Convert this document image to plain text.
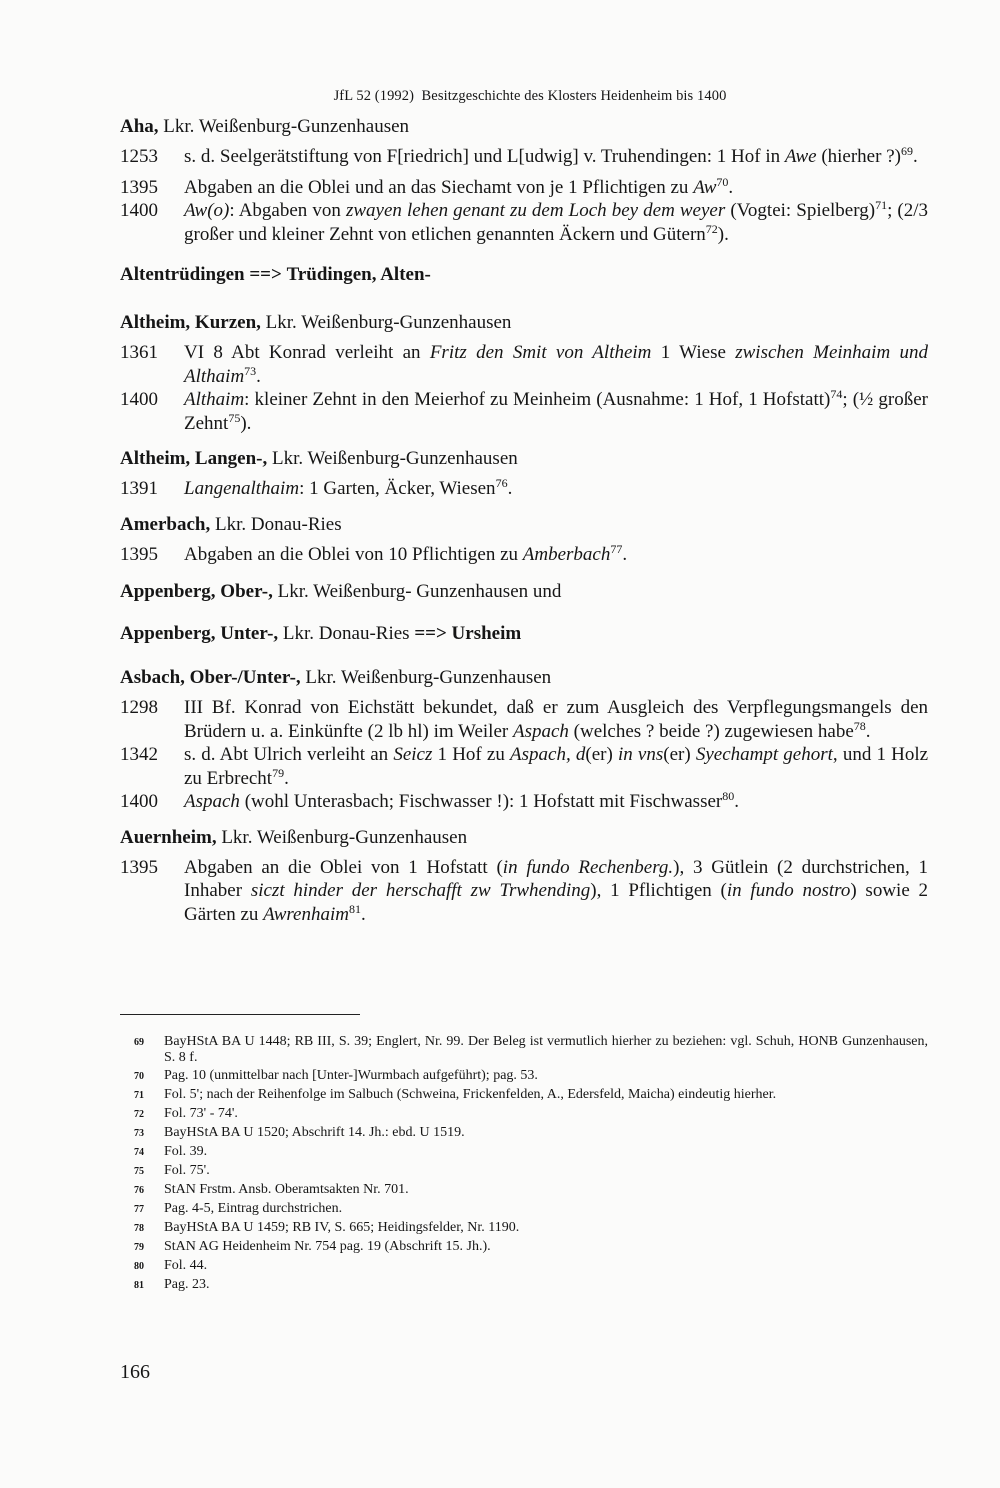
JfL 52 (1992) Besitzgeschichte des Klosters Heidenheim bis 1400
Aha, Lkr. Weißenburg-Gunzenhausen
1253	s. d. Seelgerätstiftung von F[riedrich] und L[udwig] v. Truhendingen: 1 Hof in Awe (hierher ?)$^{69}$.
1395	Abgaben an die Oblei und an das Siechamt von je 1 Pflichtigen zu Aw$^{70}$.
1400	Aw(o): Abgaben von zwayen lehen genant zu dem Loch bey dem weyer (Vogtei: Spielberg)$^{71}$; (2/3 großer und kleiner Zehnt von etlichen genannten Äckern und Gütern$^{72}$).
Altentrüdingen ==> Trüdingen, Alten-
Altheim, Kurzen, Lkr. Weißenburg-Gunzenhausen
1361	VI 8 Abt Konrad verleiht an Fritz den Smit von Altheim 1 Wiese zwischen Meinhaim und Althaim$^{73}$.
1400	Althaim: kleiner Zehnt in den Meierhof zu Meinheim (Ausnahme: 1 Hof, 1 Hofstatt)$^{74}$; (½ großer Zehnt$^{75}$).
Altheim, Langen-, Lkr. Weißenburg-Gunzenhausen
1391	Langenalthaim: 1 Garten, Äcker, Wiesen$^{76}$.
Amerbach, Lkr. Donau-Ries
1395	Abgaben an die Oblei von 10 Pflichtigen zu Amberbach$^{77}$.
Appenberg, Ober-, Lkr. Weißenburg- Gunzenhausen und
Appenberg, Unter-, Lkr. Donau-Ries ==> Ursheim
Asbach, Ober-/Unter-, Lkr. Weißenburg-Gunzenhausen
1298	III Bf. Konrad von Eichstätt bekundet, daß er zum Ausgleich des Verpflegungsmangels den Brüdern u. a. Einkünfte (2 lb hl) im Weiler Aspach (welches ? beide ?) zugewiesen habe$^{78}$.
1342	s. d. Abt Ulrich verleiht an Seicz 1 Hof zu Aspach, d(er) in vns(er) Syechampt gehort, und 1 Holz zu Erbrecht$^{79}$.
1400	Aspach (wohl Unterasbach; Fischwasser !): 1 Hofstatt mit Fischwasser$^{80}$.
Auernheim, Lkr. Weißenburg-Gunzenhausen
1395	Abgaben an die Oblei von 1 Hofstatt (in fundo Rechenberg.), 3 Gütlein (2 durchstrichen, 1 Inhaber siczt hinder der herschafft zw Trwhending), 1 Pflichtigen (in fundo nostro) sowie 2 Gärten zu Awrenhaim$^{81}$.
69	BayHStA BA U 1448; RB III, S. 39; Englert, Nr. 99. Der Beleg ist vermutlich hierher zu beziehen: vgl. Schuh, HONB Gunzenhausen, S. 8 f.
70	Pag. 10 (unmittelbar nach [Unter-]Wurmbach aufgeführt); pag. 53.
71	Fol. 5'; nach der Reihenfolge im Salbuch (Schweina, Frickenfelden, A., Edersfeld, Maicha) eindeutig hierher.
72	Fol. 73' - 74'.
73	BayHStA BA U 1520; Abschrift 14. Jh.: ebd. U 1519.
74	Fol. 39.
75	Fol. 75'.
76	StAN Frstm. Ansb. Oberamtsakten Nr. 701.
77	Pag. 4-5, Eintrag durchstrichen.
78	BayHStA BA U 1459; RB IV, S. 665; Heidingsfelder, Nr. 1190.
79	StAN AG Heidenheim Nr. 754 pag. 19 (Abschrift 15. Jh.).
80	Fol. 44.
81	Pag. 23.
166
